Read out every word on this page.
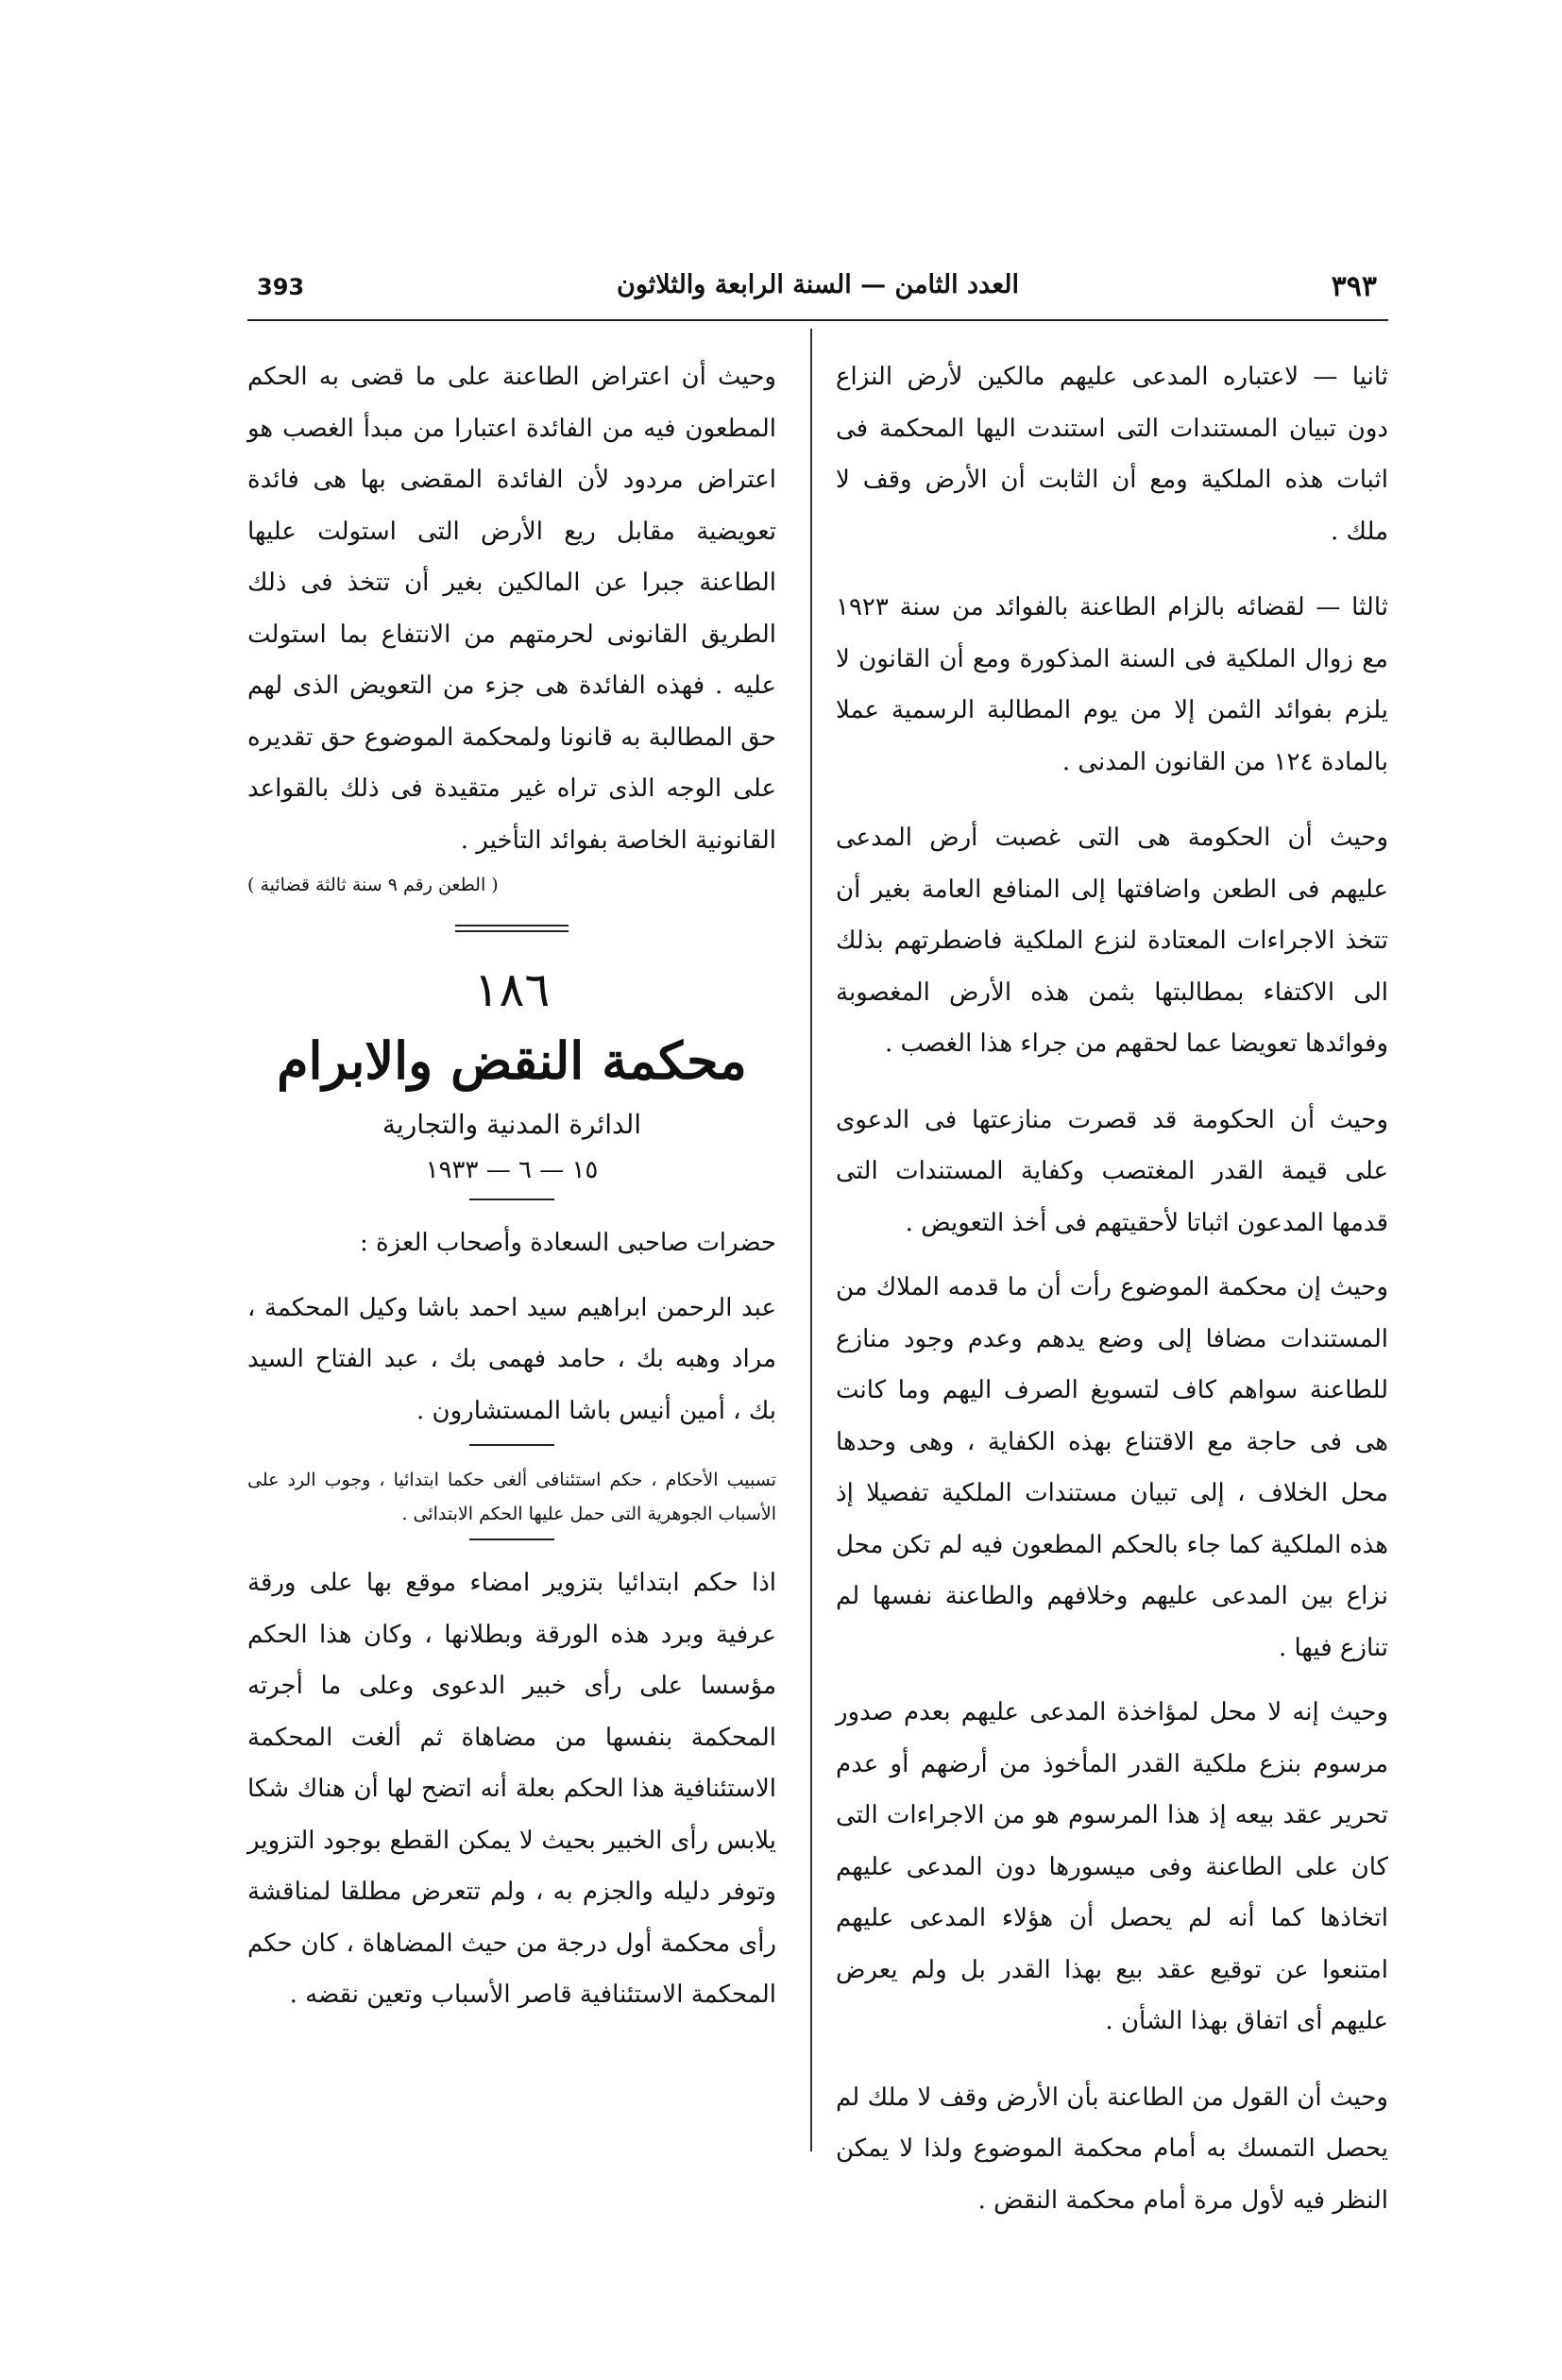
393	العدد الثامن — السنة الرابعة والثلاثون	٣٩٣

ثانيا — لاعتباره المدعى عليهم مالكين لأرض النزاع دون تبيان المستندات التى استندت اليها المحكمة فى اثبات هذه الملكية ومع أن الثابت أن الأرض وقف لا ملك .

ثالثا — لقضائه بالزام الطاعنة بالفوائد من سنة ١٩٢٣ مع زوال الملكية فى السنة المذكورة ومع أن القانون لا يلزم بفوائد الثمن إلا من يوم المطالبة الرسمية عملا بالمادة ١٢٤ من القانون المدنى .

وحيث أن الحكومة هى التى غصبت أرض المدعى عليهم فى الطعن واضافتها إلى المنافع العامة بغير أن تتخذ الاجراءات المعتادة لنزع الملكية فاضطرتهم بذلك الى الاكتفاء بمطالبتها بثمن هذه الأرض المغصوبة وفوائدها تعويضا عما لحقهم من جراء هذا الغصب .

وحيث أن الحكومة قد قصرت منازعتها فى الدعوى على قيمة القدر المغتصب وكفاية المستندات التى قدمها المدعون اثباتا لأحقيتهم فى أخذ التعويض .

وحيث إن محكمة الموضوع رأت أن ما قدمه الملاك من المستندات مضافا إلى وضع يدهم وعدم وجود منازع للطاعنة سواهم كاف لتسويغ الصرف اليهم وما كانت هى فى حاجة مع الاقتناع بهذه الكفاية ، وهى وحدها محل الخلاف ، إلى تبيان مستندات الملكية تفصيلا إذ هذه الملكية كما جاء بالحكم المطعون فيه لم تكن محل نزاع بين المدعى عليهم وخلافهم والطاعنة نفسها لم تنازع فيها .

وحيث إنه لا محل لمؤاخذة المدعى عليهم بعدم صدور مرسوم بنزع ملكية القدر المأخوذ من أرضهم أو عدم تحرير عقد بيعه إذ هذا المرسوم هو من الاجراءات التى كان على الطاعنة وفى ميسورها دون المدعى عليهم اتخاذها كما أنه لم يحصل أن هؤلاء المدعى عليهم امتنعوا عن توقيع عقد بيع بهذا القدر بل ولم يعرض عليهم أى اتفاق بهذا الشأن .

وحيث أن القول من الطاعنة بأن الأرض وقف لا ملك لم يحصل التمسك به أمام محكمة الموضوع ولذا لا يمكن النظر فيه لأول مرة أمام محكمة النقض .

وحيث أن اعتراض الطاعنة على ما قضى به الحكم المطعون فيه من الفائدة اعتبارا من مبدأ الغصب هو اعتراض مردود لأن الفائدة المقضى بها هى فائدة تعويضية مقابل ريع الأرض التى استولت عليها الطاعنة جبرا عن المالكين بغير أن تتخذ فى ذلك الطريق القانونى لحرمتهم من الانتفاع بما استولت عليه . فهذه الفائدة هى جزء من التعويض الذى لهم حق المطالبة به قانونا ولمحكمة الموضوع حق تقديره على الوجه الذى تراه غير متقيدة فى ذلك بالقواعد القانونية الخاصة بفوائد التأخير .

( الطعن رقم ٩ سنة ثالثة قضائية )

١٨٦
محكمة النقض والابرام
الدائرة المدنية والتجارية
١٥ — ٦ — ١٩٣٣

حضرات صاحبى السعادة وأصحاب العزة :

عبد الرحمن ابراهيم سيد احمد باشا وكيل المحكمة ، مراد وهبه بك ، حامد فهمى بك ، عبد الفتاح السيد بك ، أمين أنيس باشا المستشارون .

تسبيب الأحكام ، حكم استئنافى ألغى حكما ابتدائيا ، وجوب الرد على الأسباب الجوهرية التى حمل عليها الحكم الابتدائى .

اذا حكم ابتدائيا بتزوير امضاء موقع بها على ورقة عرفية وبرد هذه الورقة وبطلانها ، وكان هذا الحكم مؤسسا على رأى خبير الدعوى وعلى ما أجرته المحكمة بنفسها من مضاهاة ثم ألغت المحكمة الاستئنافية هذا الحكم بعلة أنه اتضح لها أن هناك شكا يلابس رأى الخبير بحيث لا يمكن القطع بوجود التزوير وتوفر دليله والجزم به ، ولم تتعرض مطلقا لمناقشة رأى محكمة أول درجة من حيث المضاهاة ، كان حكم المحكمة الاستئنافية قاصر الأسباب وتعين نقضه .
